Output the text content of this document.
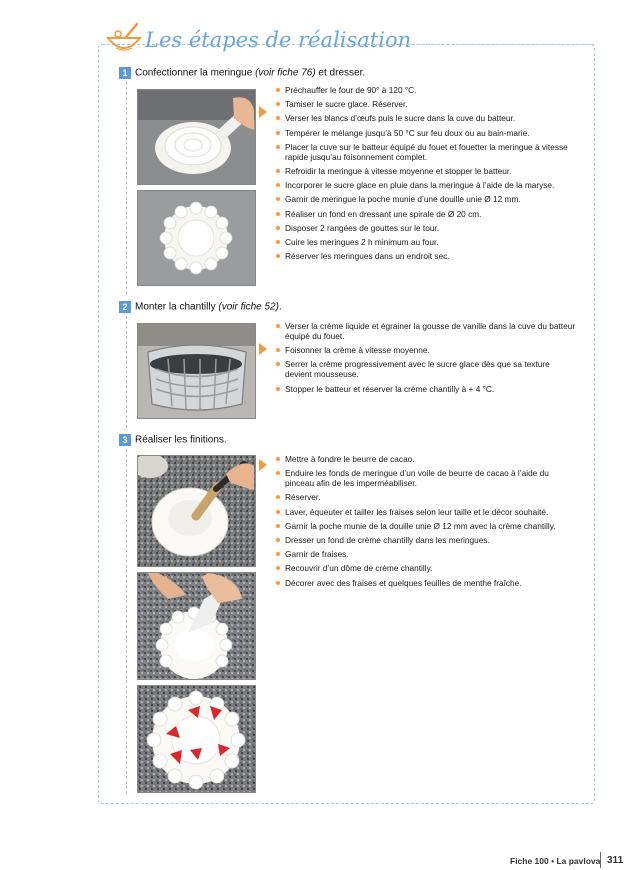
Les étapes de réalisation
1 Confectionner la meringue (voir fiche 76) et dresser.
Préchauffer le four de 90° à 120 °C.
Tamiser le sucre glace. Réserver.
Verser les blancs d’œufs puis le sucre dans la cuve du batteur.
Tempérer le mélange jusqu’à 50 °C sur feu doux ou au bain-marie.
Placer la cuve sur le batteur équipé du fouet et fouetter la meringue à vitesse rapide jusqu’au foisonnement complet.
Refroidir la meringue à vitesse moyenne et stopper le batteur.
Incorporer le sucre glace en pluie dans la meringue à l’aide de la maryse.
Garnir de meringue la poche munie d’une douille unie Ø 12 mm.
Réaliser un fond en dressant une spirale de Ø 20 cm.
Disposer 2 rangées de gouttes sur le tour.
Cuire les meringues 2 h minimum au four.
Réserver les meringues dans un endroit sec.
2 Monter la chantilly (voir fiche 52).
Verser la crème liquide et égrainer la gousse de vanille dans la cuve du batteur équipé du fouet.
Foisonner la crème à vitesse moyenne.
Serrer la crème progressivement avec le sucre glace dès que sa texture devient mousseuse.
Stopper le batteur et réserver la crème chantilly à + 4 °C.
3 Réaliser les finitions.
Mettre à fondre le beurre de cacao.
Enduire les fonds de meringue d’un voile de beurre de cacao à l’aide du pinceau afin de les imperméabiliser.
Réserver.
Laver, équeuter et tailler les fraises selon leur taille et le décor souhaité.
Garnir la poche munie de la douille unie Ø 12 mm avec la crème chantilly.
Dresser un fond de crème chantilly dans les meringues.
Garnir de fraises.
Recouvrir d’un dôme de crème chantilly.
Décorer avec des fraises et quelques feuilles de menthe fraîche.
Fiche 100 • La pavlova 311
